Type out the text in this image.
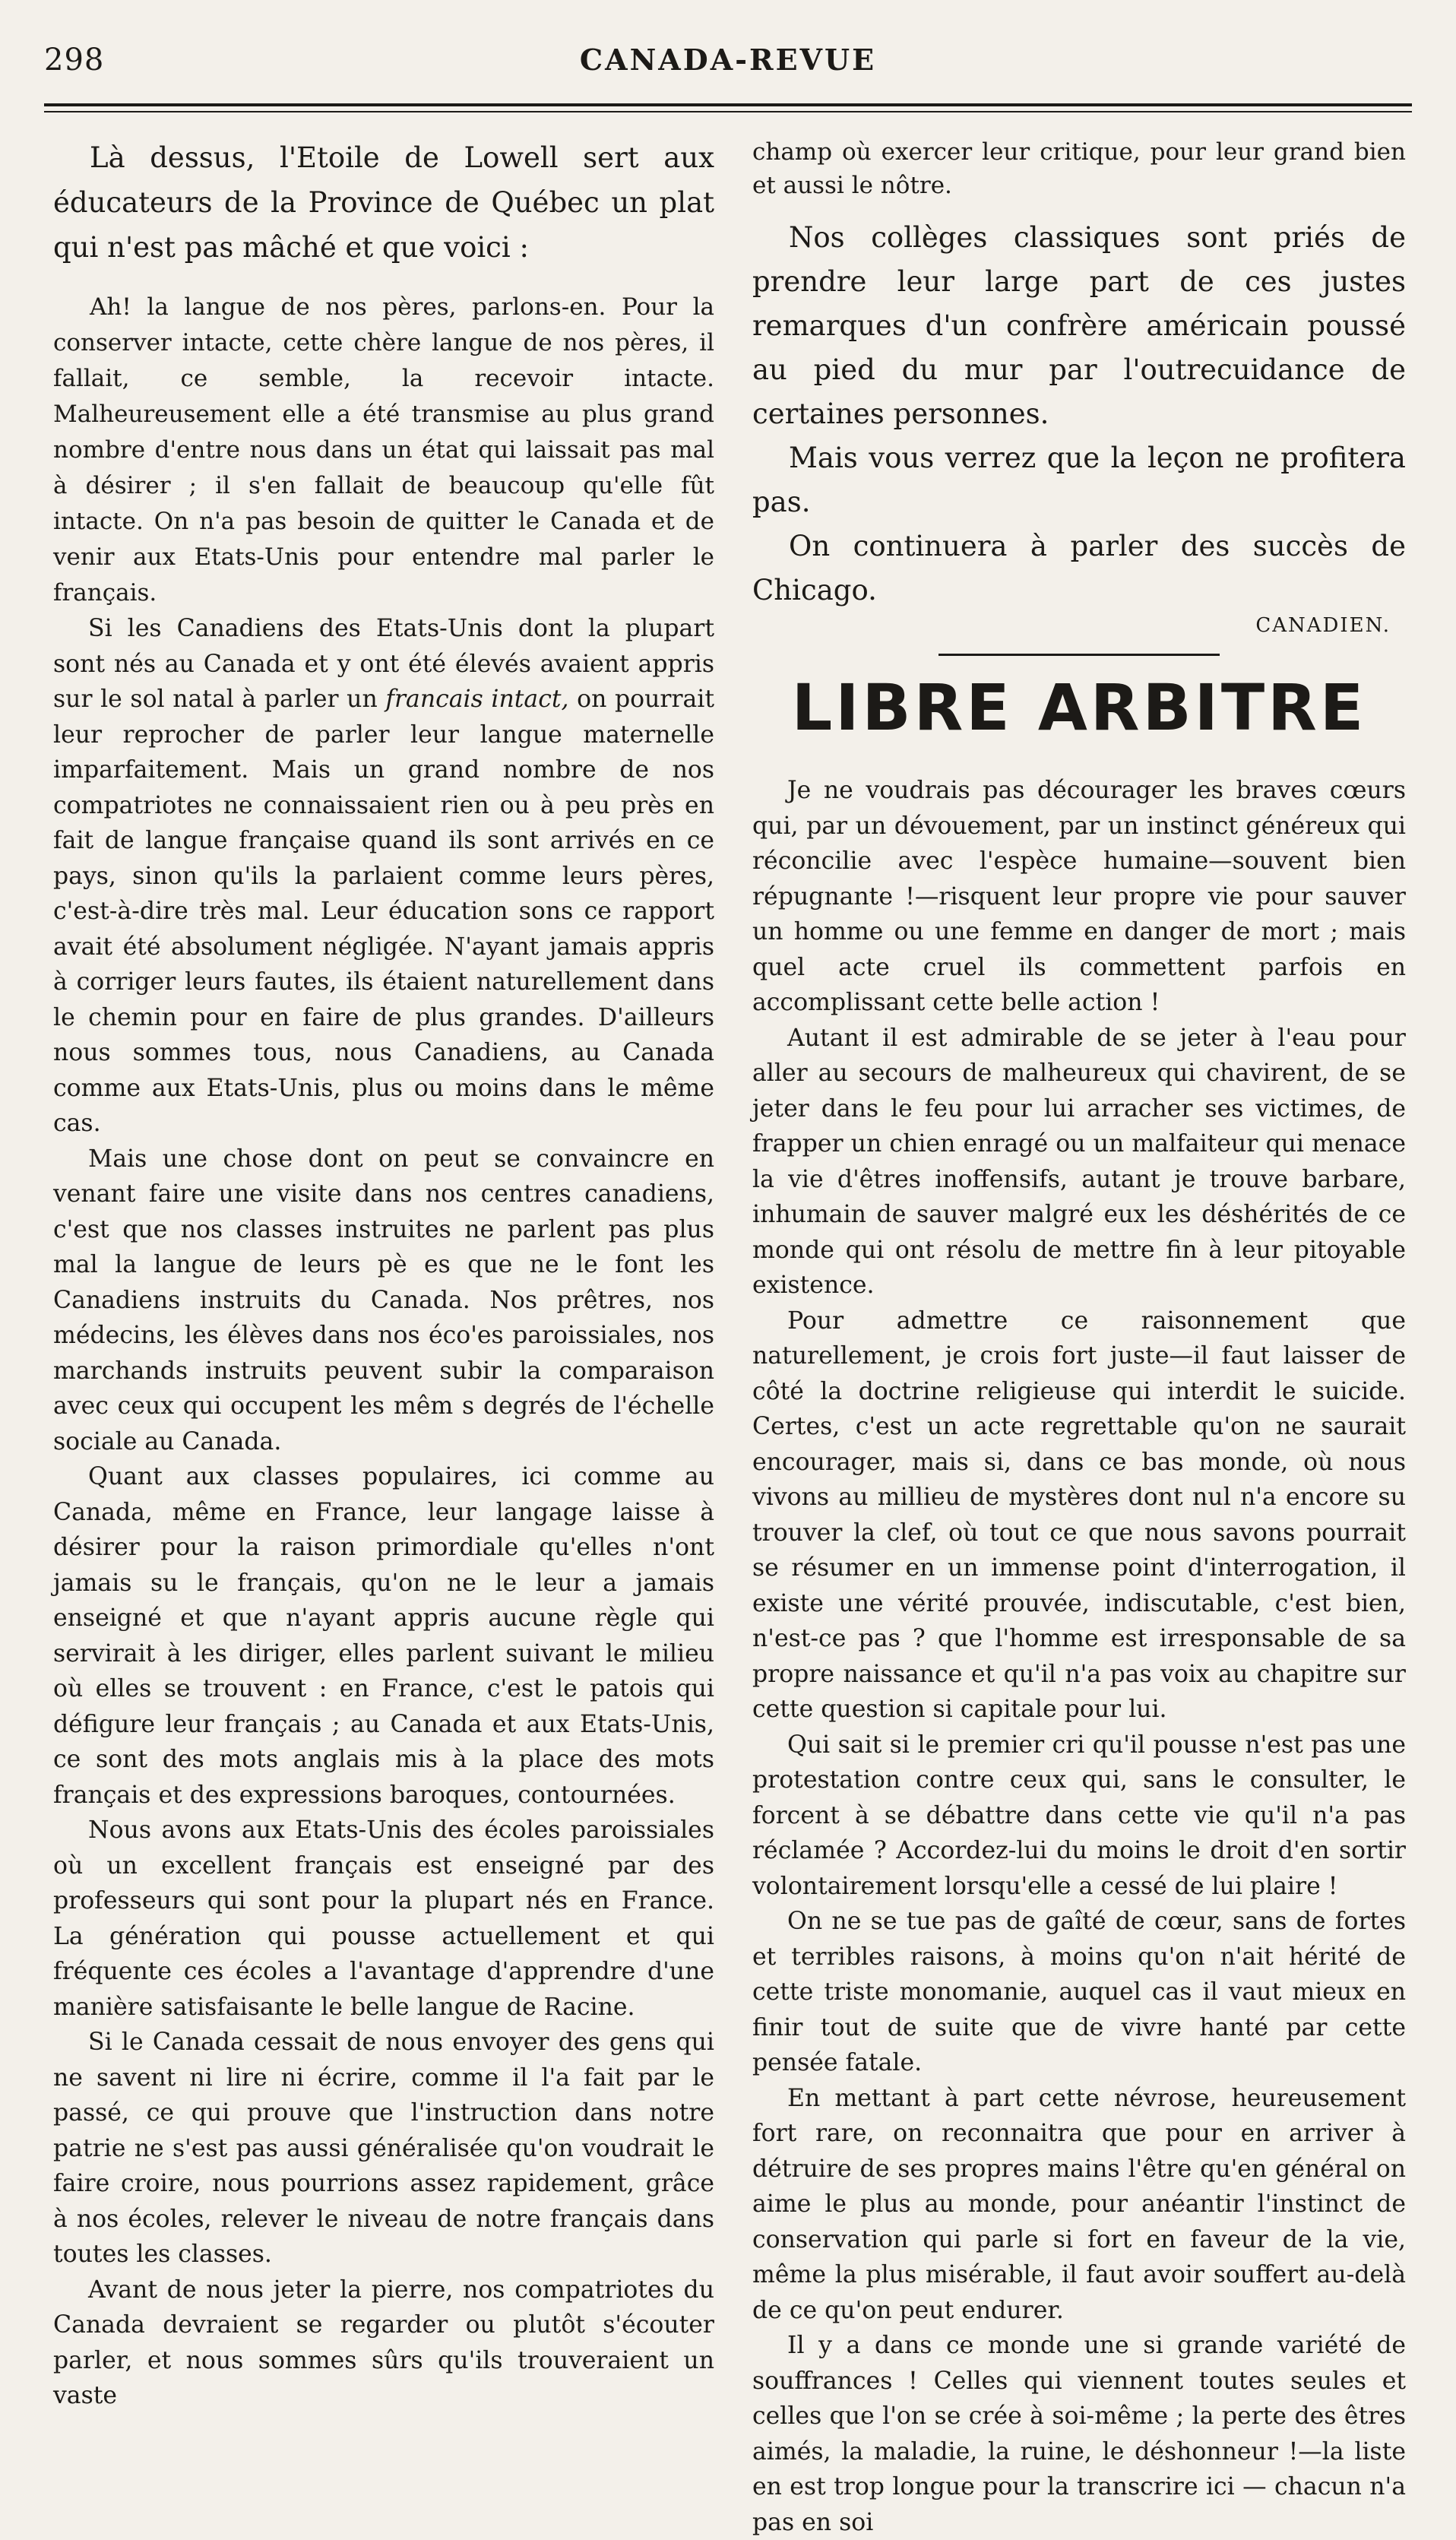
298	CANADA-REVUE

Là dessus, l'Etoile de Lowell sert aux éducateurs de la Province de Québec un plat qui n'est pas mâché et que voici :

Ah! la langue de nos pères, parlons-en. Pour la conserver intacte, cette chère langue de nos pères, il fallait, ce semble, la recevoir intacte. Malheureusement elle a été transmise au plus grand nombre d'entre nous dans un état qui laissait pas mal à désirer ; il s'en fallait de beaucoup qu'elle fût intacte. On n'a pas besoin de quitter le Canada et de venir aux Etats-Unis pour entendre mal parler le français.

Si les Canadiens des Etats-Unis dont la plupart sont nés au Canada et y ont été élevés avaient appris sur le sol natal à parler un francais intact, on pourrait leur reprocher de parler leur langue maternelle imparfaitement. Mais un grand nombre de nos compatriotes ne connaissaient rien ou à peu près en fait de langue française quand ils sont arrivés en ce pays, sinon qu'ils la parlaient comme leurs pères, c'est-à-dire très mal. Leur éducation sons ce rapport avait été absolument négligée. N'ayant jamais appris à corriger leurs fautes, ils étaient naturellement dans le chemin pour en faire de plus grandes. D'ailleurs nous sommes tous, nous Canadiens, au Canada comme aux Etats-Unis, plus ou moins dans le même cas.

Mais une chose dont on peut se convaincre en venant faire une visite dans nos centres canadiens, c'est que nos classes instruites ne parlent pas plus mal la langue de leurs pè es que ne le font les Canadiens instruits du Canada. Nos prêtres, nos médecins, les élèves dans nos éco'es paroissiales, nos marchands instruits peuvent subir la comparaison avec ceux qui occupent les mêm s degrés de l'échelle sociale au Canada.

Quant aux classes populaires, ici comme au Canada, même en France, leur langage laisse à désirer pour la raison primordiale qu'elles n'ont jamais su le français, qu'on ne le leur a jamais enseigné et que n'ayant appris aucune règle qui servirait à les diriger, elles parlent suivant le milieu où elles se trouvent : en France, c'est le patois qui défigure leur français ; au Canada et aux Etats-Unis, ce sont des mots anglais mis à la place des mots français et des expressions baroques, contournées.

Nous avons aux Etats-Unis des écoles paroissiales où un excellent français est enseigné par des professeurs qui sont pour la plupart nés en France. La génération qui pousse actuellement et qui fréquente ces écoles a l'avantage d'apprendre d'une manière satisfaisante le belle langue de Racine.

Si le Canada cessait de nous envoyer des gens qui ne savent ni lire ni écrire, comme il l'a fait par le passé, ce qui prouve que l'instruction dans notre patrie ne s'est pas aussi généralisée qu'on voudrait le faire croire, nous pourrions assez rapidement, grâce à nos écoles, relever le niveau de notre français dans toutes les classes.

Avant de nous jeter la pierre, nos compatriotes du Canada devraient se regarder ou plutôt s'écouter parler, et nous sommes sûrs qu'ils trouveraient un vaste

champ où exercer leur critique, pour leur grand bien et aussi le nôtre.

Nos collèges classiques sont priés de prendre leur large part de ces justes remarques d'un confrère américain poussé au pied du mur par l'outrecuidance de certaines personnes.

Mais vous verrez que la leçon ne profitera pas.

On continuera à parler des succès de Chicago.

CANADIEN.
LIBRE ARBITRE

Je ne voudrais pas décourager les braves cœurs qui, par un dévouement, par un instinct généreux qui réconcilie avec l'espèce humaine—souvent bien répugnante !—risquent leur propre vie pour sauver un homme ou une femme en danger de mort ; mais quel acte cruel ils commettent parfois en accomplissant cette belle action !

Autant il est admirable de se jeter à l'eau pour aller au secours de malheureux qui chavirent, de se jeter dans le feu pour lui arracher ses victimes, de frapper un chien enragé ou un malfaiteur qui menace la vie d'êtres inoffensifs, autant je trouve barbare, inhumain de sauver malgré eux les déshérités de ce monde qui ont résolu de mettre fin à leur pitoyable existence.

Pour admettre ce raisonnement que naturellement, je crois fort juste—il faut laisser de côté la doctrine religieuse qui interdit le suicide. Certes, c'est un acte regrettable qu'on ne saurait encourager, mais si, dans ce bas monde, où nous vivons au millieu de mystères dont nul n'a encore su trouver la clef, où tout ce que nous savons pourrait se résumer en un immense point d'interrogation, il existe une vérité prouvée, indiscutable, c'est bien, n'est-ce pas ? que l'homme est irresponsable de sa propre naissance et qu'il n'a pas voix au chapitre sur cette question si capitale pour lui.

Qui sait si le premier cri qu'il pousse n'est pas une protestation contre ceux qui, sans le consulter, le forcent à se débattre dans cette vie qu'il n'a pas réclamée ? Accordez-lui du moins le droit d'en sortir volontairement lorsqu'elle a cessé de lui plaire !

On ne se tue pas de gaîté de cœur, sans de fortes et terribles raisons, à moins qu'on n'ait hérité de cette triste monomanie, auquel cas il vaut mieux en finir tout de suite que de vivre hanté par cette pensée fatale.

En mettant à part cette névrose, heureusement fort rare, on reconnaitra que pour en arriver à détruire de ses propres mains l'être qu'en général on aime le plus au monde, pour anéantir l'instinct de conservation qui parle si fort en faveur de la vie, même la plus misérable, il faut avoir souffert au-delà de ce qu'on peut endurer.

Il y a dans ce monde une si grande variété de souffrances ! Celles qui viennent toutes seules et celles que l'on se crée à soi-même ; la perte des êtres aimés, la maladie, la ruine, le déshonneur !—la liste en est trop longue pour la transcrire ici — chacun n'a pas en soi
